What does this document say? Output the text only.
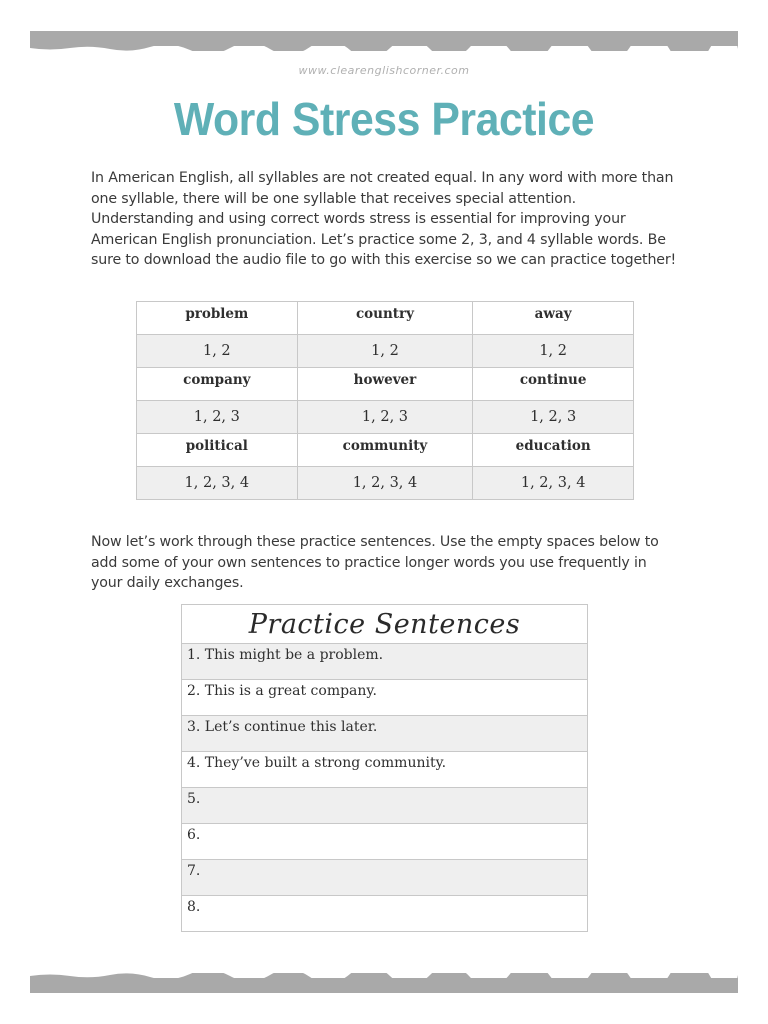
www.clearenglishcorner.com
Word Stress Practice
In American English, all syllables are not created equal. In any word with more than one syllable, there will be one syllable that receives special attention. Understanding and using correct words stress is essential for improving your American English pronunciation. Let’s practice some 2, 3, and 4 syllable words. Be sure to download the audio file to go with this exercise so we can practice together!
problem	country	away
1, 2	1, 2	1, 2
company	however	continue
1, 2, 3	1, 2, 3	1, 2, 3
political	community	education
1, 2, 3, 4	1, 2, 3, 4	1, 2, 3, 4
Now let’s work through these practice sentences. Use the empty spaces below to add some of your own sentences to practice longer words you use frequently in your daily exchanges.
Practice Sentences
1. This might be a problem.
2. This is a great company.
3. Let’s continue this later.
4. They’ve built a strong community.
5.
6.
7.
8.
